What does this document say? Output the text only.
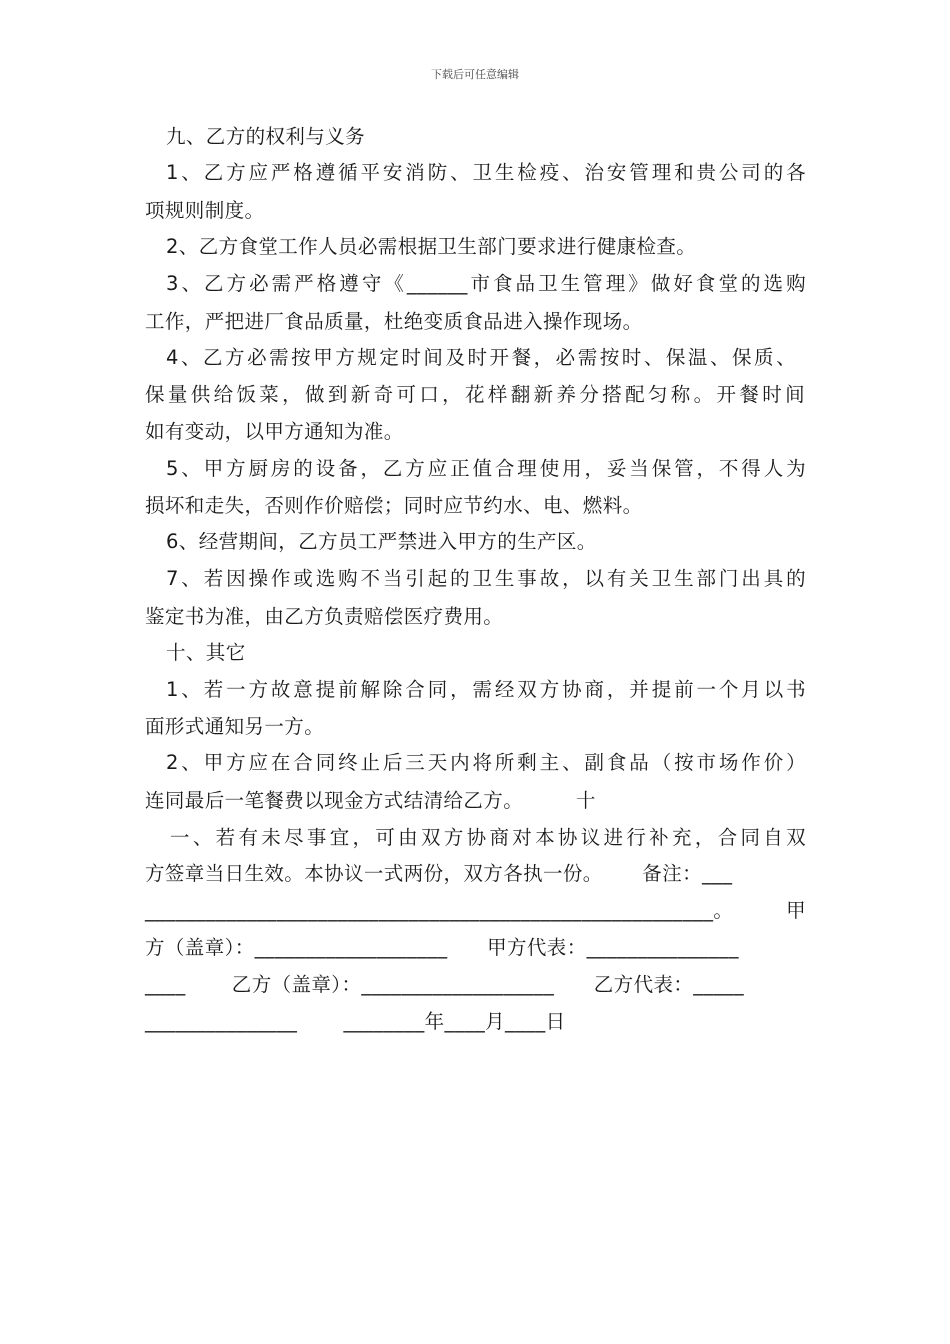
下载后可任意编辑
九、乙方的权利与义务
1、乙方应严格遵循平安消防、卫生检疫、治安管理和贵公司的各
项规则制度。
2、乙方食堂工作人员必需根据卫生部门要求进行健康检查。
3、乙方必需严格遵守《______市食品卫生管理》做好食堂的选购
工作，严把进厂食品质量，杜绝变质食品进入操作现场。
4、乙方必需按甲方规定时间及时开餐，必需按时、保温、保质、
保量供给饭菜，做到新奇可口，花样翻新养分搭配匀称。开餐时间
如有变动，以甲方通知为准。
5、甲方厨房的设备，乙方应正值合理使用，妥当保管，不得人为
损坏和走失，否则作价赔偿；同时应节约水、电、燃料。
6、经营期间，乙方员工严禁进入甲方的生产区。
7、若因操作或选购不当引起的卫生事故，以有关卫生部门出具的
鉴定书为准，由乙方负责赔偿医疗费用。
十、其它
1、若一方故意提前解除合同，需经双方协商，并提前一个月以书
面形式通知另一方。
2、甲方应在合同终止后三天内将所剩主、副食品（按市场作价）
连同最后一笔餐费以现金方式结清给乙方。        十
一、若有未尽事宜，可由双方协商对本协议进行补充，合同自双
方签章当日生效。本协议一式两份，双方各执一份。      备注：___
________________________________________________________。        甲
方（盖章）：___________________      甲方代表：_______________
____       乙方（盖章）：___________________      乙方代表：_____
_______________       ________年____月____日
